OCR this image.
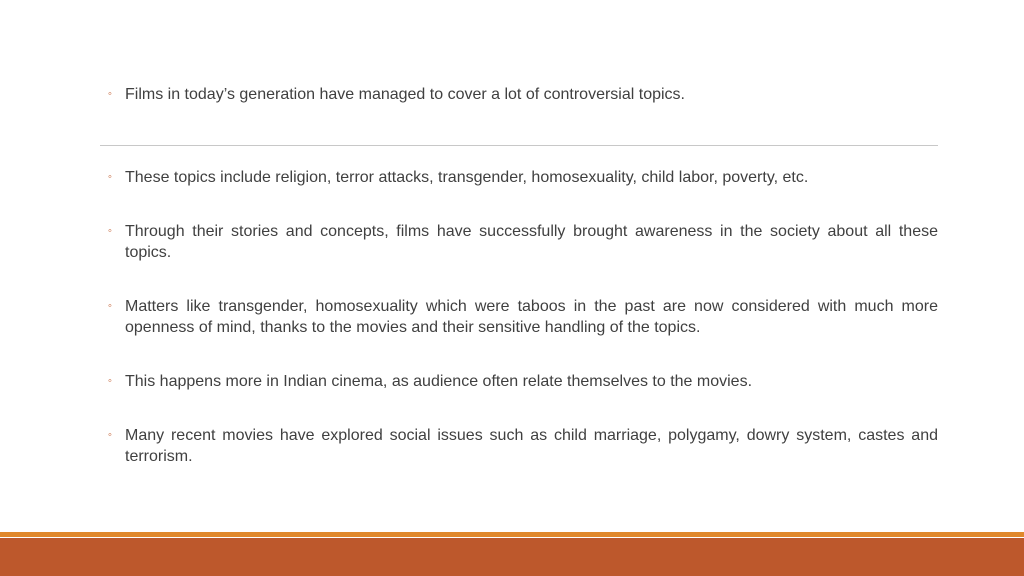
◦ Films in today’s generation have managed to cover a lot of controversial topics.
◦ These topics include religion, terror attacks, transgender, homosexuality, child labor, poverty, etc.
◦ Through their stories and concepts, films have successfully brought awareness in the society about all these topics.
◦ Matters like transgender, homosexuality which were taboos in the past are now considered with much more openness of mind, thanks to the movies and their sensitive handling of the topics.
◦ This happens more in Indian cinema, as audience often relate themselves to the movies.
◦ Many recent movies have explored social issues such as child marriage, polygamy, dowry system, castes and terrorism.
